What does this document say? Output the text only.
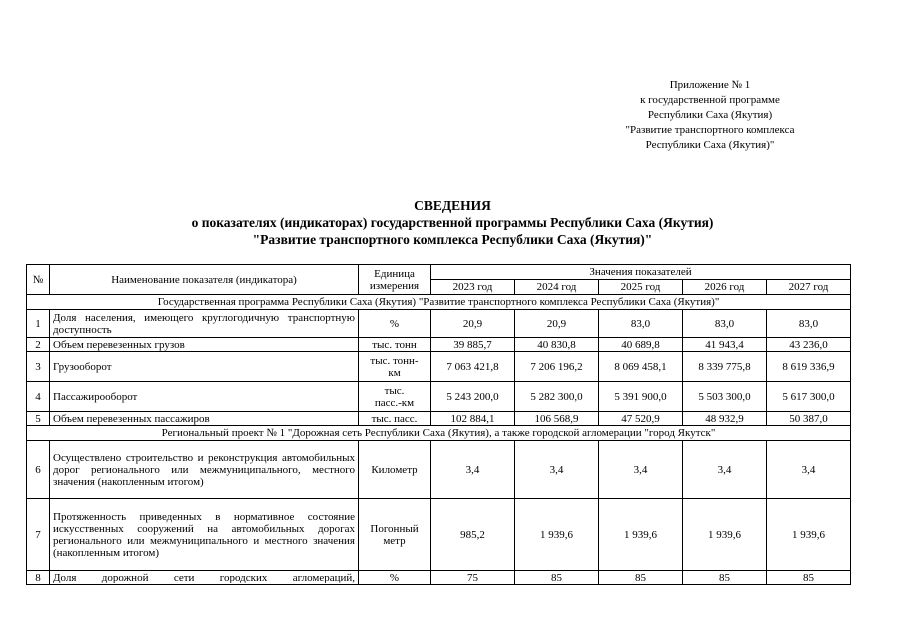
Приложение № 1
к государственной программе
Республики Саха (Якутия)
"Развитие транспортного комплекса
Республики Саха (Якутия)"
СВЕДЕНИЯ
о показателях (индикаторах) государственной программы Республики Саха (Якутия)
"Развитие транспортного комплекса Республики Саха (Якутия)"
№	Наименование показателя (индикатора)	Единица измерения	Значения показателей				
			2023 год	2024 год	2025 год	2026 год	2027 год
Государственная программа Республики Саха (Якутия) "Развитие транспортного комплекса Республики Саха (Якутия)"							
1	Доля населения, имеющего круглогодичную транспортную доступность	%	20,9	20,9	83,0	83,0	83,0
2	Объем перевезенных грузов	тыс. тонн	39 885,7	40 830,8	40 689,8	41 943,4	43 236,0
3	Грузооборот	тыс. тонн-км	7 063 421,8	7 206 196,2	8 069 458,1	8 339 775,8	8 619 336,9
4	Пассажирооборот	тыс. пасс.-км	5 243 200,0	5 282 300,0	5 391 900,0	5 503 300,0	5 617 300,0
5	Объем перевезенных пассажиров	тыс. пасс.	102 884,1	106 568,9	47 520,9	48 932,9	50 387,0
Региональный проект № 1 "Дорожная сеть Республики Саха (Якутия), а также городской агломерации "город Якутск"							
6	Осуществлено строительство и реконструкция автомобильных дорог регионального или межмуниципального, местного значения (накопленным итогом)	Километр	3,4	3,4	3,4	3,4	3,4
7	Протяженность приведенных в нормативное состояние искусственных сооружений на автомобильных дорогах регионального или межмуниципального и местного значения (накопленным итогом)	Погонный метр	985,2	1 939,6	1 939,6	1 939,6	1 939,6
8	Доля дорожной сети городских агломераций,	%	75	85	85	85	85
